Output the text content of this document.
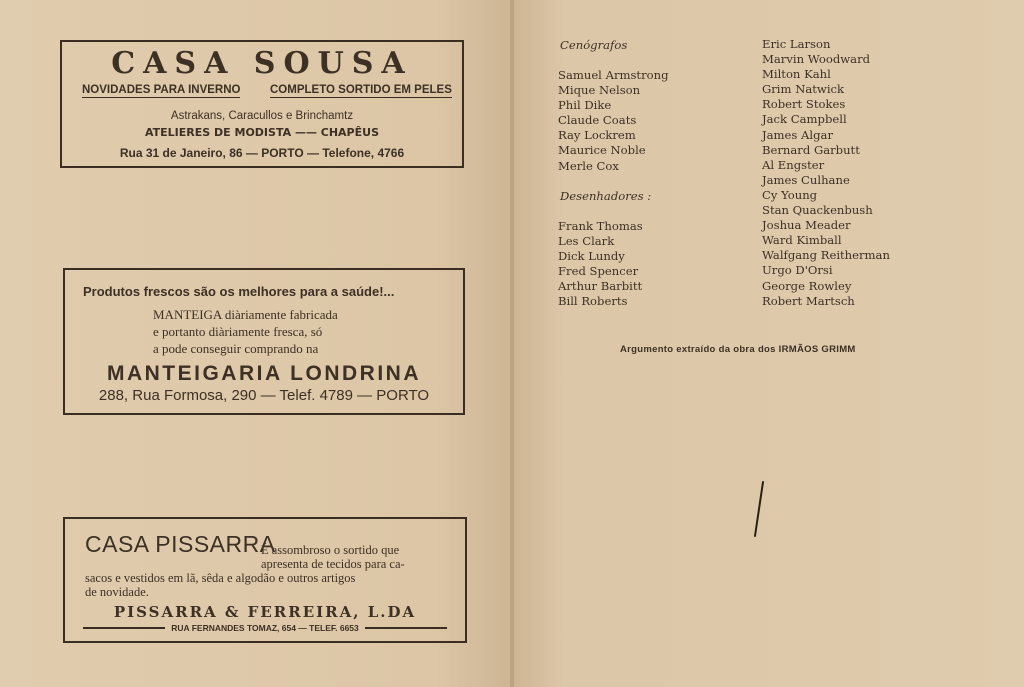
CASA SOUSA
NOVIDADES PARA INVERNO	COMPLETO SORTIDO EM PELES
Astrakans, Caracullos e Brinchamtz
ATELIERES DE MODISTA —— CHAPÊUS
Rua 31 de Janeiro, 86 — PORTO — Telefone, 4766
Produtos frescos são os melhores para a saúde!...
MANTEIGA diàriamente fabricada
e portanto diàriamente fresca, só
a pode conseguir comprando na
MANTEIGARIA LONDRINA
288, Rua Formosa, 290 — Telef. 4789 — PORTO
CASA PISSARRA
É assombroso o sortido que
apresenta de tecidos para ca-
sacos e vestidos em lã, sêda e algodão e outros artigos
de novidade.
PISSARRA & FERREIRA, L.DA
RUA FERNANDES TOMAZ, 654 — TELEF. 6653
Cenógrafos
Samuel Armstrong
Mique Nelson
Phil Dike
Claude Coats
Ray Lockrem
Maurice Noble
Merle Cox
Desenhadores :
Frank Thomas
Les Clark
Dick Lundy
Fred Spencer
Arthur Barbitt
Bill Roberts
Eric Larson
Marvin Woodward
Milton Kahl
Grim Natwick
Robert Stokes
Jack Campbell
James Algar
Bernard Garbutt
Al Engster
James Culhane
Cy Young
Stan Quackenbush
Joshua Meader
Ward Kimball
Walfgang Reitherman
Urgo D'Orsi
George Rowley
Robert Martsch
Argumento extraído da obra dos IRMÃOS GRIMM
